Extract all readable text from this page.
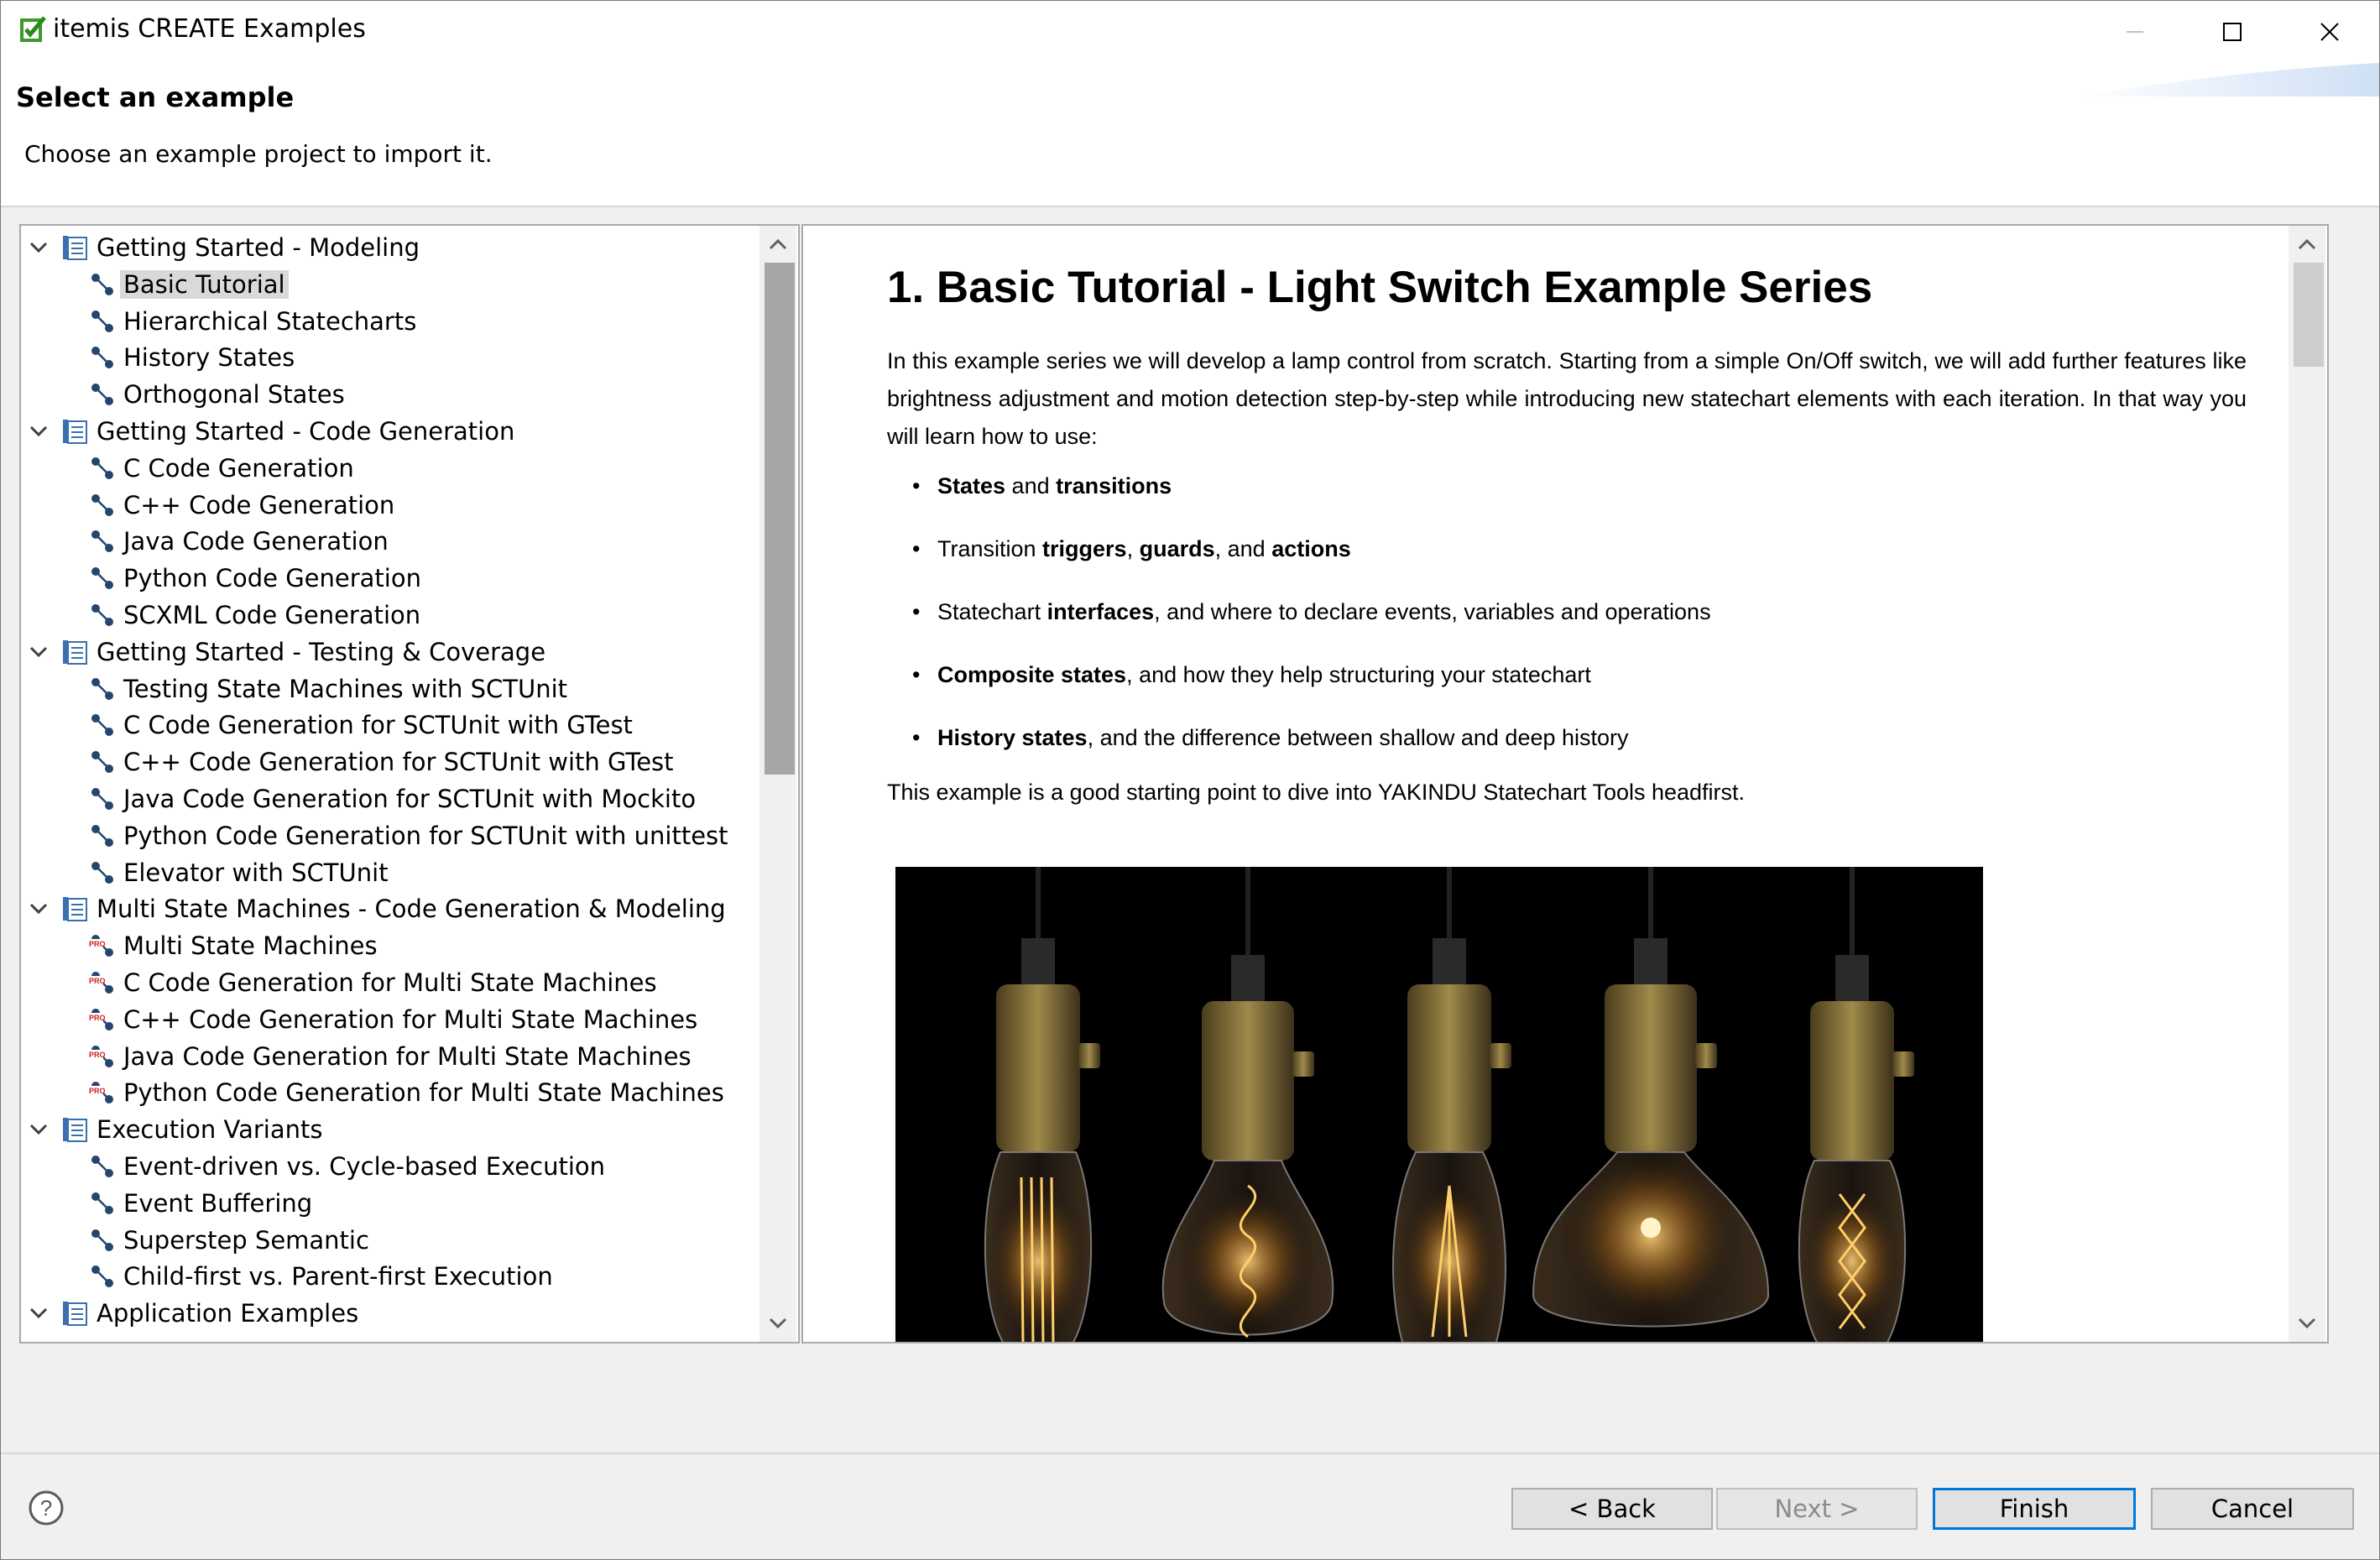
itemis CREATE Examples
Select an example
Choose an example project to import it.
Getting Started - Modeling
Basic Tutorial
Hierarchical Statecharts
History States
Orthogonal States
Getting Started - Code Generation
C Code Generation
C++ Code Generation
Java Code Generation
Python Code Generation
SCXML Code Generation
Getting Started - Testing & Coverage
Testing State Machines with SCTUnit
C Code Generation for SCTUnit with GTest
C++ Code Generation for SCTUnit with GTest
Java Code Generation for SCTUnit with Mockito
Python Code Generation for SCTUnit with unittest
Elevator with SCTUnit
Multi State Machines - Code Generation & Modeling
PRO Multi State Machines
PRO C Code Generation for Multi State Machines
PRO C++ Code Generation for Multi State Machines
PRO Java Code Generation for Multi State Machines
PRO Python Code Generation for Multi State Machines
Execution Variants
Event-driven vs. Cycle-based Execution
Event Buffering
Superstep Semantic
Child-first vs. Parent-first Execution
Application Examples
1. Basic Tutorial - Light Switch Example Series

In this example series we will develop a lamp control from scratch. Starting from a simple On/Off switch, we will add further features like brightness adjustment and motion detection step-by-step while introducing new statechart elements with each iteration. In that way you will learn how to use:

• States and transitions
• Transition triggers, guards, and actions
• Statechart interfaces, and where to declare events, variables and operations
• Composite states, and how they help structuring your statechart
• History states, and the difference between shallow and deep history

This example is a good starting point to dive into YAKINDU Statechart Tools headfirst.

?	< Back	Next >	Finish	Cancel
